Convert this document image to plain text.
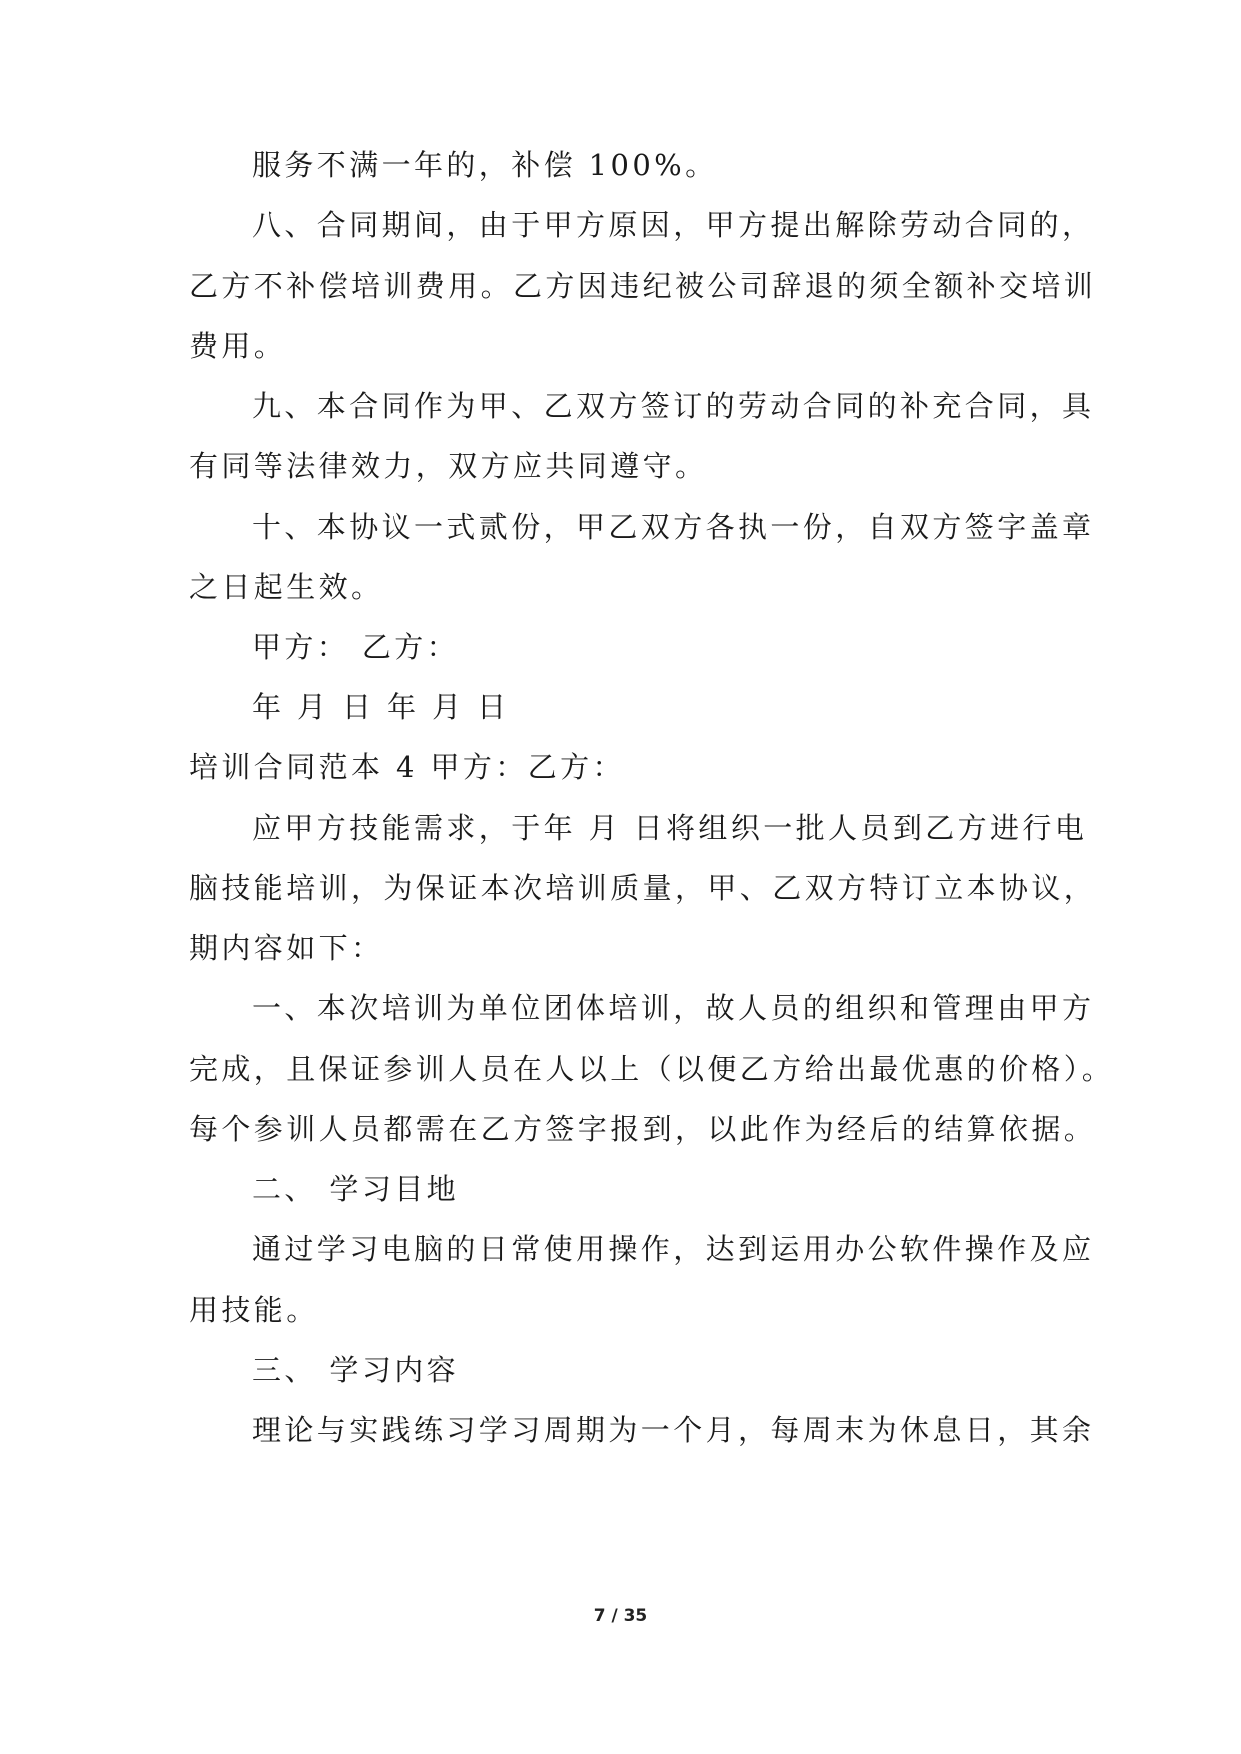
服务不满一年的，补偿 100%。
八、合同期间，由于甲方原因，甲方提出解除劳动合同的，
乙方不补偿培训费用。乙方因违纪被公司辞退的须全额补交培训
费用。
九、本合同作为甲、乙双方签订的劳动合同的补充合同，具
有同等法律效力，双方应共同遵守。
十、本协议一式贰份，甲乙双方各执一份，自双方签字盖章
之日起生效。
甲方： 乙方：
年 月 日 年 月 日
培训合同范本 4 甲方：乙方：
应甲方技能需求，于年 月 日将组织一批人员到乙方进行电
脑技能培训，为保证本次培训质量，甲、乙双方特订立本协议，
期内容如下：
一、本次培训为单位团体培训，故人员的组织和管理由甲方
完成，且保证参训人员在人以上（以便乙方给出最优惠的价格）。
每个参训人员都需在乙方签字报到，以此作为经后的结算依据。
二、 学习目地
通过学习电脑的日常使用操作，达到运用办公软件操作及应
用技能。
三、 学习内容
理论与实践练习学习周期为一个月，每周末为休息日，其余
7 / 35
